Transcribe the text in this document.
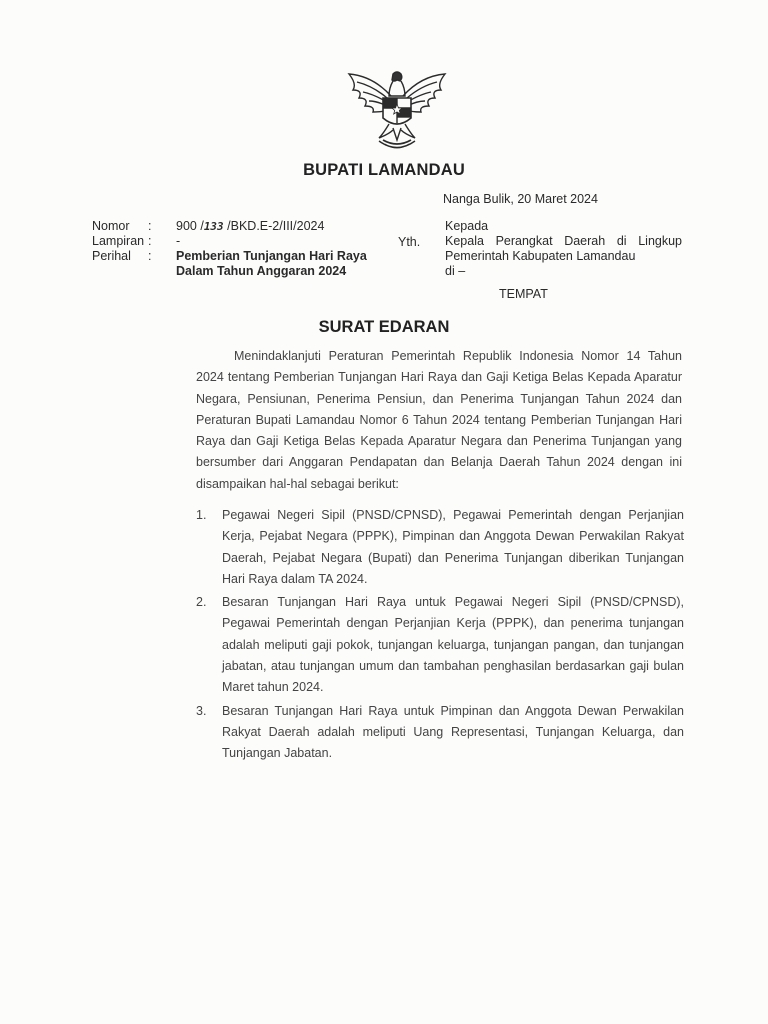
BUPATI LAMANDAU
Nanga Bulik, 20 Maret 2024
Nomor	:	900 /133 /BKD.E-2/III/2024
Lampiran :	-
Perihal	:	Pemberian Tunjangan Hari Raya
Dalam Tahun Anggaran 2024
Yth.
Kepada
Kepala Perangkat Daerah di Lingkup
Pemerintah Kabupaten Lamandau
di –
TEMPAT
SURAT EDARAN
Menindaklanjuti Peraturan Pemerintah Republik Indonesia Nomor 14 Tahun 2024 tentang Pemberian Tunjangan Hari Raya dan Gaji Ketiga Belas Kepada Aparatur Negara, Pensiunan, Penerima Pensiun, dan Penerima Tunjangan Tahun 2024 dan Peraturan Bupati Lamandau Nomor 6 Tahun 2024 tentang Pemberian Tunjangan Hari Raya dan Gaji Ketiga Belas Kepada Aparatur Negara dan Penerima Tunjangan yang bersumber dari Anggaran Pendapatan dan Belanja Daerah Tahun 2024 dengan ini disampaikan hal-hal sebagai berikut:
1.	Pegawai Negeri Sipil (PNSD/CPNSD), Pegawai Pemerintah dengan Perjanjian Kerja, Pejabat Negara (PPPK), Pimpinan dan Anggota Dewan Perwakilan Rakyat Daerah, Pejabat Negara (Bupati) dan Penerima Tunjangan diberikan Tunjangan Hari Raya dalam TA 2024.
2.	Besaran Tunjangan Hari Raya untuk Pegawai Negeri Sipil (PNSD/CPNSD), Pegawai Pemerintah dengan Perjanjian Kerja (PPPK), dan penerima tunjangan adalah meliputi gaji pokok, tunjangan keluarga, tunjangan pangan, dan tunjangan jabatan, atau tunjangan umum dan tambahan penghasilan berdasarkan gaji bulan Maret tahun 2024.
3.	Besaran Tunjangan Hari Raya untuk Pimpinan dan Anggota Dewan Perwakilan Rakyat Daerah adalah meliputi Uang Representasi, Tunjangan Keluarga, dan Tunjangan Jabatan.
